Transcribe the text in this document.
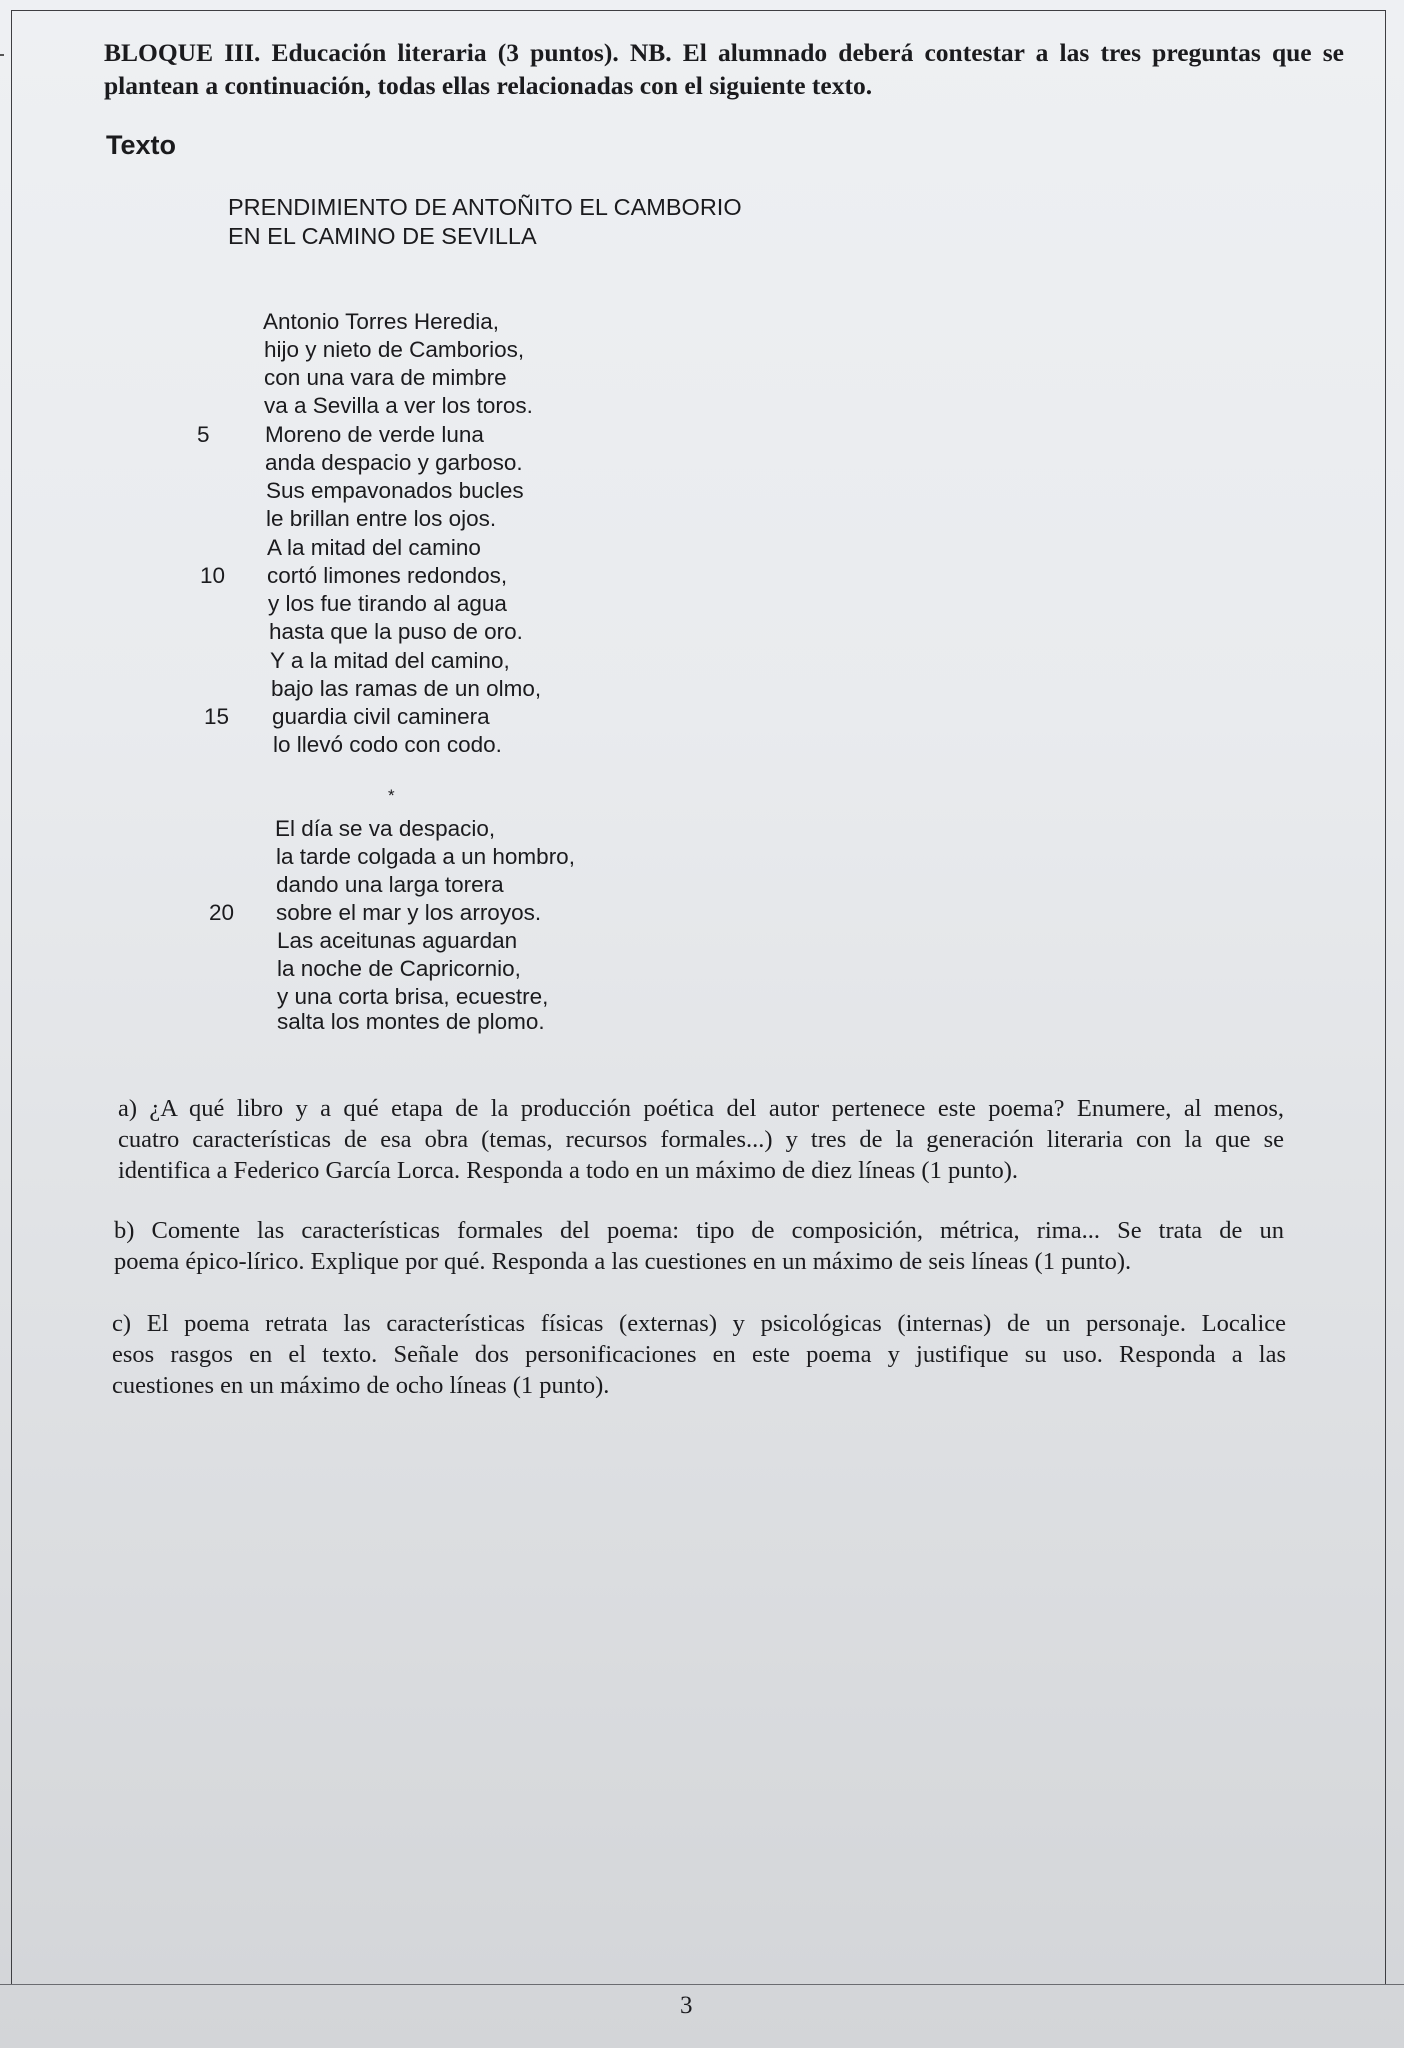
BLOQUE III. Educación literaria (3 puntos). NB. El alumnado deberá contestar a las tres preguntas que se
plantean a continuación, todas ellas relacionadas con el siguiente texto.

Texto

PRENDIMIENTO DE ANTOÑITO EL CAMBORIO
EN EL CAMINO DE SEVILLA

Antonio Torres Heredia,

hijo y nieto de Camborios,

con una vara de mimbre

va a Sevilla a ver los toros.

Moreno de verde luna

anda despacio y garboso.

Sus empavonados bucles

le brillan entre los ojos.

A la mitad del camino

cortó limones redondos,

y los fue tirando al agua

hasta que la puso de oro.

Y a la mitad del camino,

bajo las ramas de un olmo,

guardia civil caminera

lo llevó codo con codo.

*

El día se va despacio,

la tarde colgada a un hombro,

dando una larga torera

sobre el mar y los arroyos.

Las aceitunas aguardan

la noche de Capricornio,

y una corta brisa, ecuestre,

salta los montes de plomo.

5

10

15

20

a) ¿A qué libro y a qué etapa de la producción poética del autor pertenece este poema? Enumere, al menos,
cuatro características de esa obra (temas, recursos formales...) y tres de la generación literaria con la que se
identifica a Federico García Lorca. Responda a todo en un máximo de diez líneas (1 punto).
b) Comente las características formales del poema: tipo de composición, métrica, rima... Se trata de un
poema épico-lírico. Explique por qué. Responda a las cuestiones en un máximo de seis líneas (1 punto).
c) El poema retrata las características físicas (externas) y psicológicas (internas) de un personaje. Localice
esos rasgos en el texto. Señale dos personificaciones en este poema y justifique su uso. Responda a las
cuestiones en un máximo de ocho líneas (1 punto).

3
